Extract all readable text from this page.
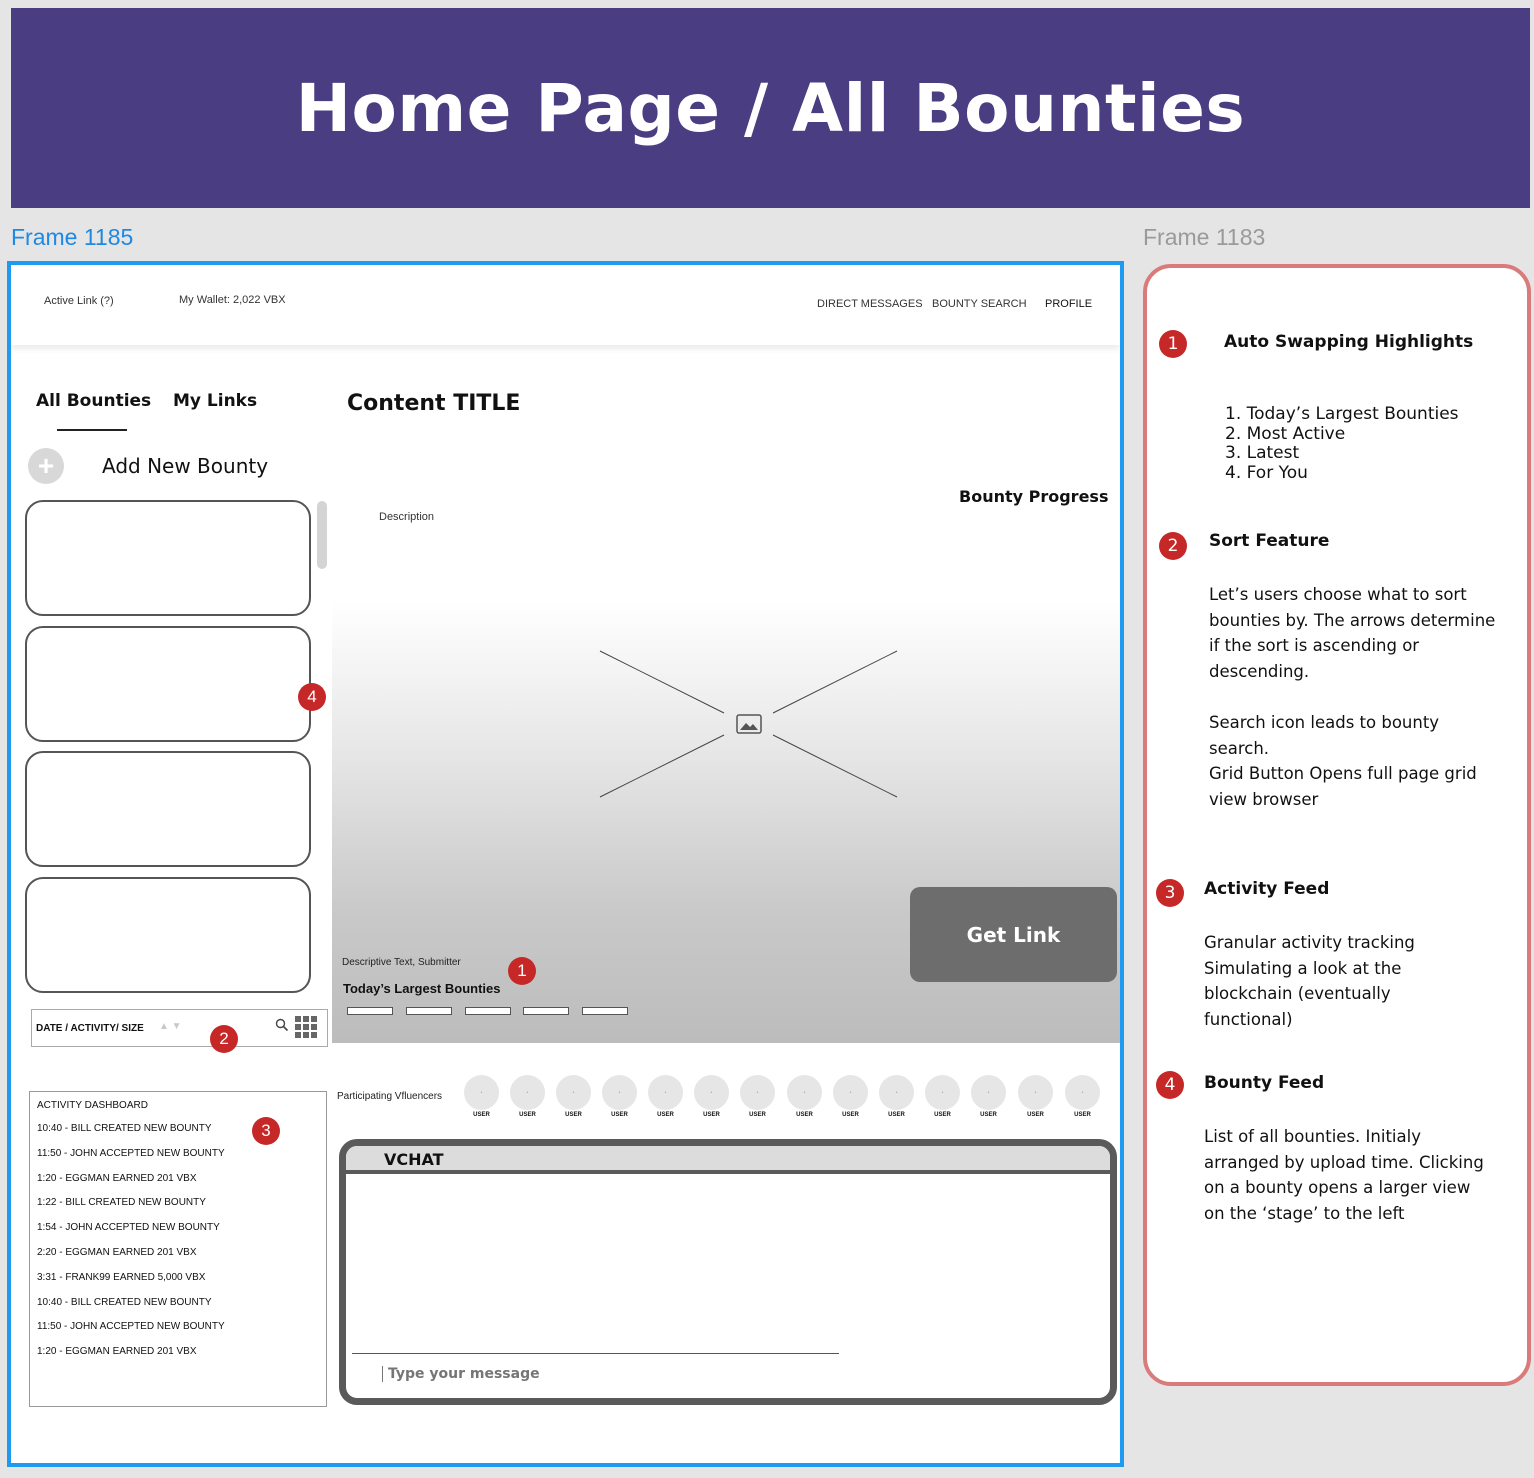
Home Page / All Bounties
Frame 1185	Frame 1183
Active Link (?)	My Wallet: 2,022 VBX	DIRECT MESSAGES BOUNTY SEARCH PROFILE
All Bounties My Links
+	Add New Bounty
4
DATE / ACTIVITY/ SIZE ▲ ▼
2
ACTIVITY DASHBOARD
10:40 - BILL CREATED NEW BOUNTY
11:50 - JOHN ACCEPTED NEW BOUNTY
1:20 - EGGMAN EARNED 201 VBX
1:22 - BILL CREATED NEW BOUNTY
1:54 - JOHN ACCEPTED NEW BOUNTY
2:20 - EGGMAN EARNED 201 VBX
3:31 - FRANK99 EARNED 5,000 VBX
10:40 - BILL CREATED NEW BOUNTY
11:50 - JOHN ACCEPTED NEW BOUNTY
1:20 - EGGMAN EARNED 201 VBX
3
Content TITLE
Description
Bounty Progress
Get Link
Descriptive Text, Submitter
Today’s Largest Bounties
1
Participating Vfluencers	•
USER
•
USER
•
USER
•
USER
•
USER
•
USER
•
USER
•
USER
•
USER
•
USER
•
USER
•
USER
•
USER
•
USER
VCHAT
Type your message
1	Auto Swapping Highlights
1. Today’s Largest Bounties
2. Most Active
3. Latest
4. For You
2	Sort Feature
Let’s users choose what to sort bounties by. The arrows determine if the sort is ascending or descending.
Search icon leads to bounty search.
Grid Button Opens full page grid view browser
3	Activity Feed
Granular activity tracking Simulating a look at the blockchain (eventually functional)
4	Bounty Feed
List of all bounties. Initialy arranged by upload time. Clicking on a bounty opens a larger view on the ‘stage’ to the left
